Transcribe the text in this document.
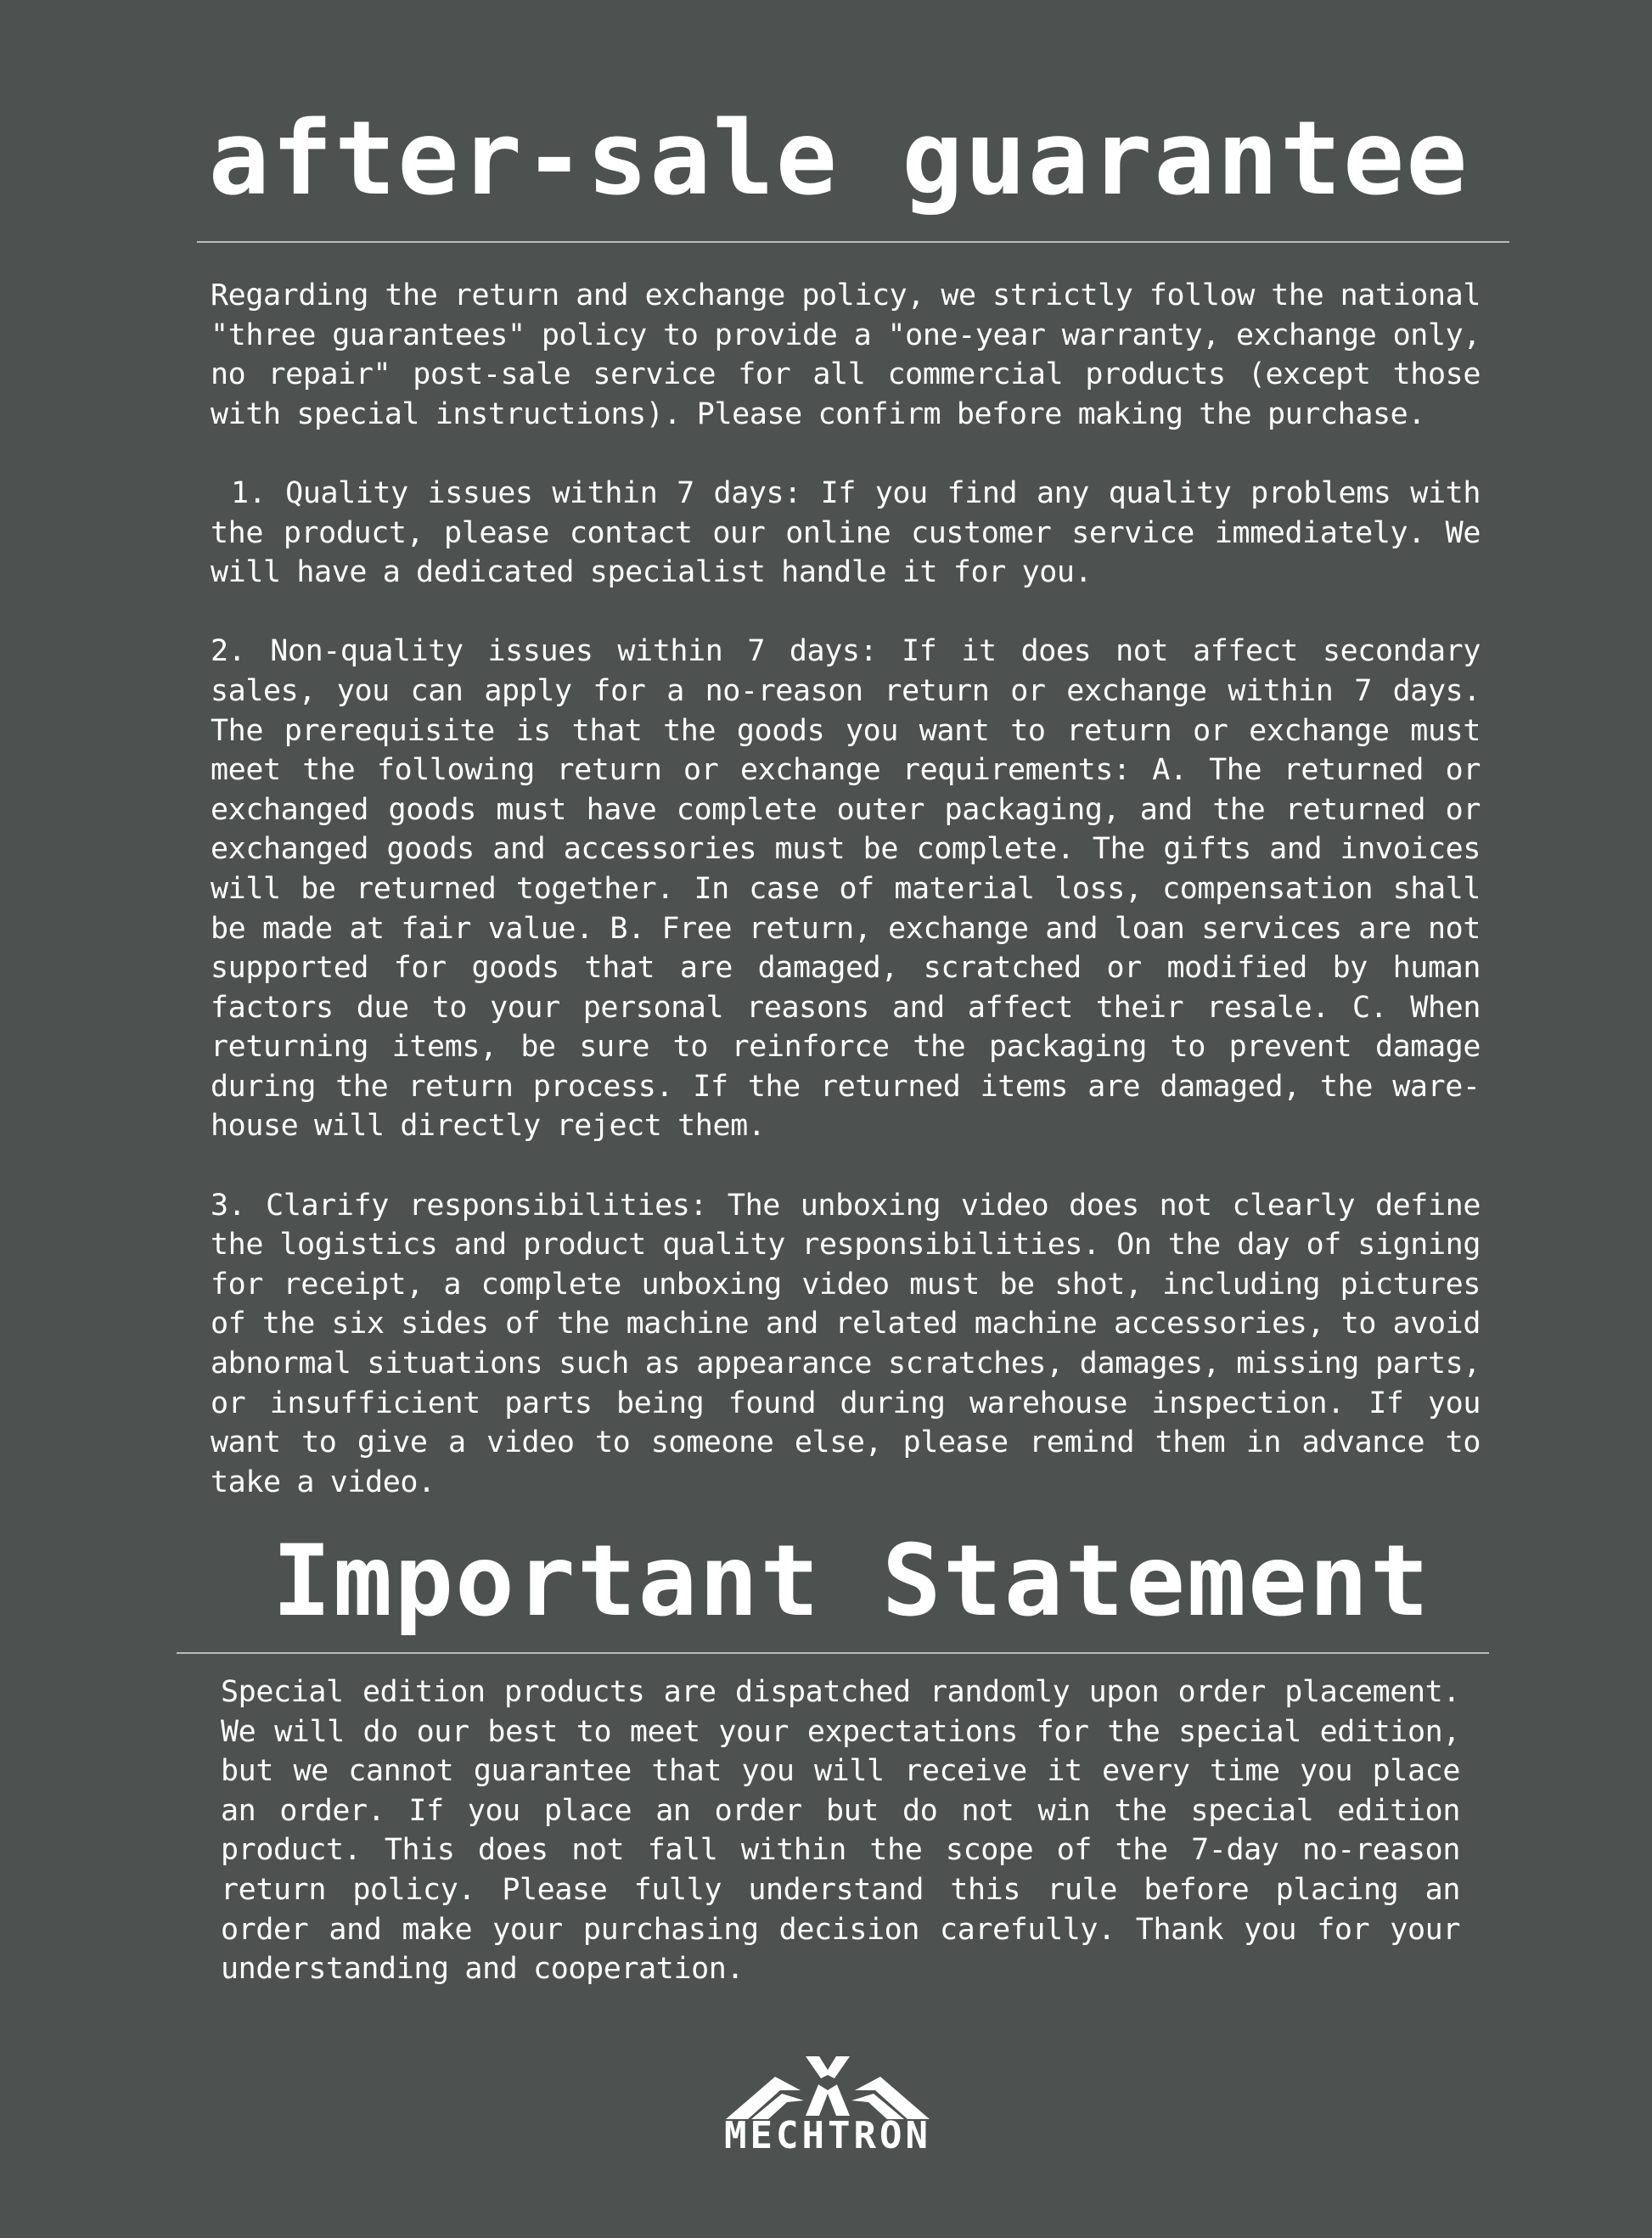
after-sale guarantee

Regarding the return and exchange policy, we strictly follow the national "three guarantees" policy to provide a "one-year warranty, exchange only, no repair" post-sale service for all commercial products (except those with special instructions). Please confirm before making the purchase.

1. Quality issues within 7 days: If you find any quality problems with the product, please contact our online customer service immediately. We will have a dedicated specialist handle it for you.

2. Non-quality issues within 7 days: If it does not affect secondary sales, you can apply for a no-reason return or exchange within 7 days. The prerequisite is that the goods you want to return or exchange must meet the following return or exchange requirements: A. The returned or exchanged goods must have complete outer packaging, and the returned or exchanged goods and accessories must be complete. The gifts and invoices will be returned together. In case of material loss, compensation shall be made at fair value. B. Free return, exchange and loan services are not supported for goods that are damaged, scratched or modified by human factors due to your personal reasons and affect their resale. C. When returning items, be sure to reinforce the packaging to prevent damage during the return process. If the returned items are damaged, the warehouse will directly reject them.

3. Clarify responsibilities: The unboxing video does not clearly define the logistics and product quality responsibilities. On the day of signing for receipt, a complete unboxing video must be shot, including pictures of the six sides of the machine and related machine accessories, to avoid abnormal situations such as appearance scratches, damages, missing parts, or insufficient parts being found during warehouse inspection. If you want to give a video to someone else, please remind them in advance to take a video.

Important Statement

Special edition products are dispatched randomly upon order placement. We will do our best to meet your expectations for the special edition, but we cannot guarantee that you will receive it every time you place an order. If you place an order but do not win the special edition product. This does not fall within the scope of the 7-day no-reason return policy. Please fully understand this rule before placing an order and make your purchasing decision carefully. Thank you for your understanding and cooperation.

MECHTRON
